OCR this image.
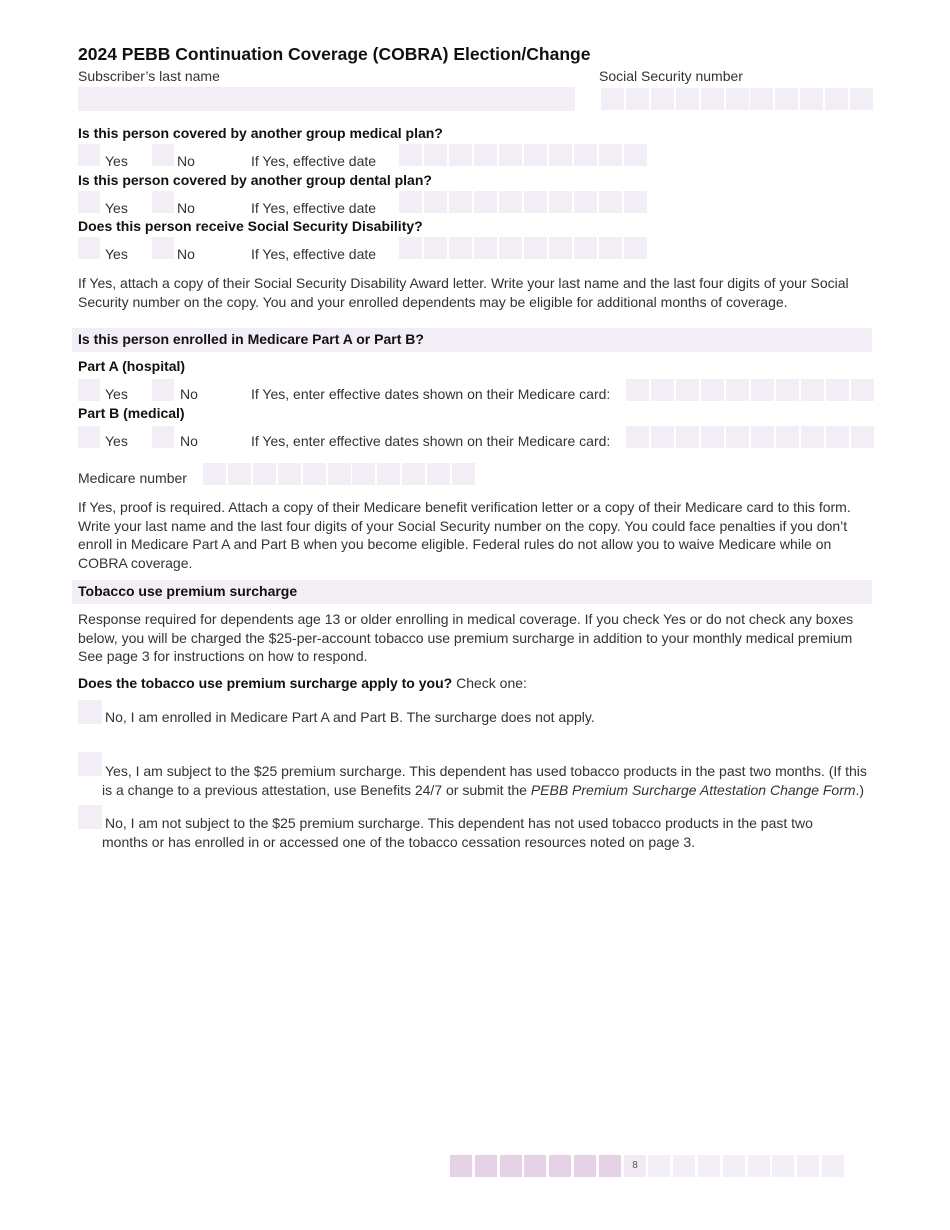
2024 PEBB Continuation Coverage (COBRA) Election/Change
Subscriber’s last name	Social Security number
Is this person covered by another group medical plan?
Yes	No	If Yes, effective date
Is this person covered by another group dental plan?
Yes	No	If Yes, effective date
Does this person receive Social Security Disability?
Yes	No	If Yes, effective date
If Yes, attach a copy of their Social Security Disability Award letter. Write your last name and the last four digits of your Social Security number on the copy. You and your enrolled dependents may be eligible for additional months of coverage.
Is this person enrolled in Medicare Part A or Part B?
Part A (hospital)
Yes	No	If Yes, enter effective dates shown on their Medicare card:
Part B (medical)
Yes	No	If Yes, enter effective dates shown on their Medicare card:
Medicare number
If Yes, proof is required. Attach a copy of their Medicare benefit verification letter or a copy of their Medicare card to this form. Write your last name and the last four digits of your Social Security number on the copy. You could face penalties if you don’t enroll in Medicare Part A and Part B when you become eligible. Federal rules do not allow you to waive Medicare while on COBRA coverage.
Tobacco use premium surcharge
Response required for dependents age 13 or older enrolling in medical coverage. If you check Yes or do not check any boxes below, you will be charged the $25-per-account tobacco use premium surcharge in addition to your monthly medical premium See page 3 for instructions on how to respond.
Does the tobacco use premium surcharge apply to you? Check one:
No, I am enrolled in Medicare Part A and Part B. The surcharge does not apply.
Yes, I am subject to the $25 premium surcharge. This dependent has used tobacco products in the past two months. (If this is a change to a previous attestation, use Benefits 24/7 or submit the PEBB Premium Surcharge Attestation Change Form.)
No, I am not subject to the $25 premium surcharge. This dependent has not used tobacco products in the past two months or has enrolled in or accessed one of the tobacco cessation resources noted on page 3.
8
